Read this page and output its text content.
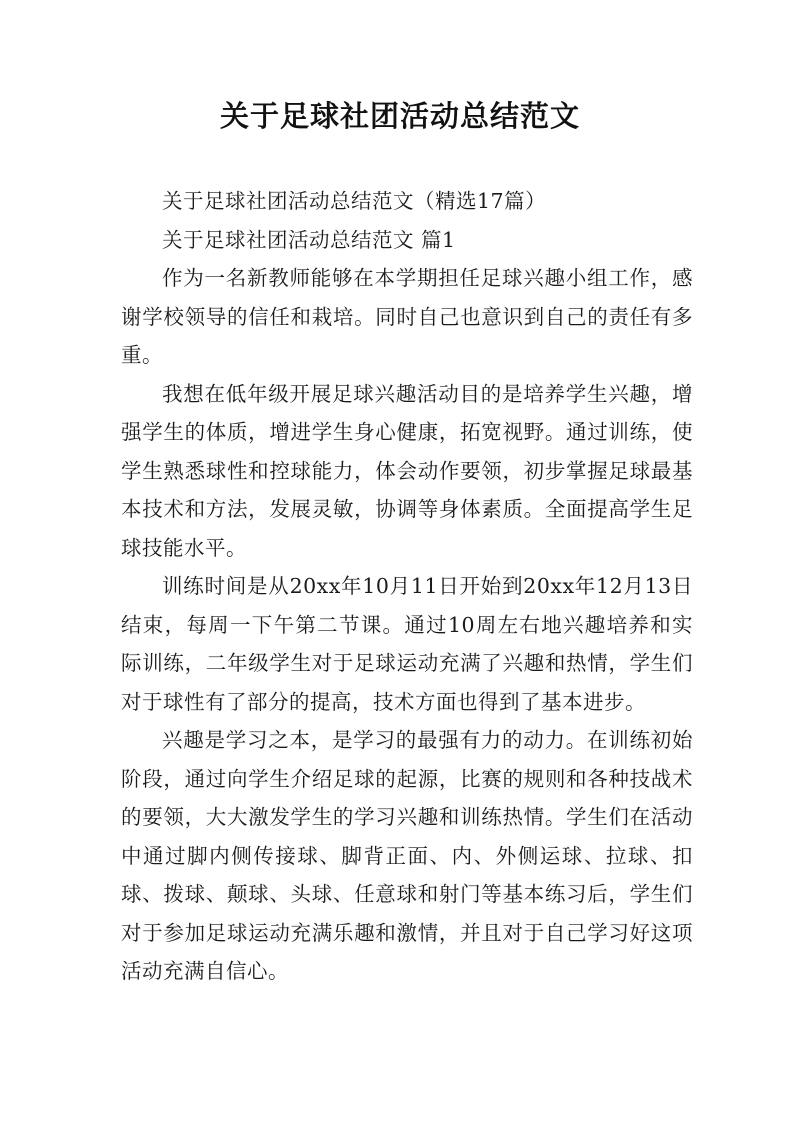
关于足球社团活动总结范文

关于足球社团活动总结范文（精选17篇）

关于足球社团活动总结范文 篇1

作为一名新教师能够在本学期担任足球兴趣小组工作，感谢学校领导的信任和栽培。同时自己也意识到自己的责任有多重。

我想在低年级开展足球兴趣活动目的是培养学生兴趣，增强学生的体质，增进学生身心健康，拓宽视野。通过训练，使学生熟悉球性和控球能力，体会动作要领，初步掌握足球最基本技术和方法，发展灵敏，协调等身体素质。全面提高学生足球技能水平。

训练时间是从20xx年10月11日开始到20xx年12月13日结束，每周一下午第二节课。通过10周左右地兴趣培养和实际训练，二年级学生对于足球运动充满了兴趣和热情，学生们对于球性有了部分的提高，技术方面也得到了基本进步。

兴趣是学习之本，是学习的最强有力的动力。在训练初始阶段，通过向学生介绍足球的起源，比赛的规则和各种技战术的要领，大大激发学生的学习兴趣和训练热情。学生们在活动中通过脚内侧传接球、脚背正面、内、外侧运球、拉球、扣球、拨球、颠球、头球、任意球和射门等基本练习后，学生们对于参加足球运动充满乐趣和激情，并且对于自己学习好这项活动充满自信心。
